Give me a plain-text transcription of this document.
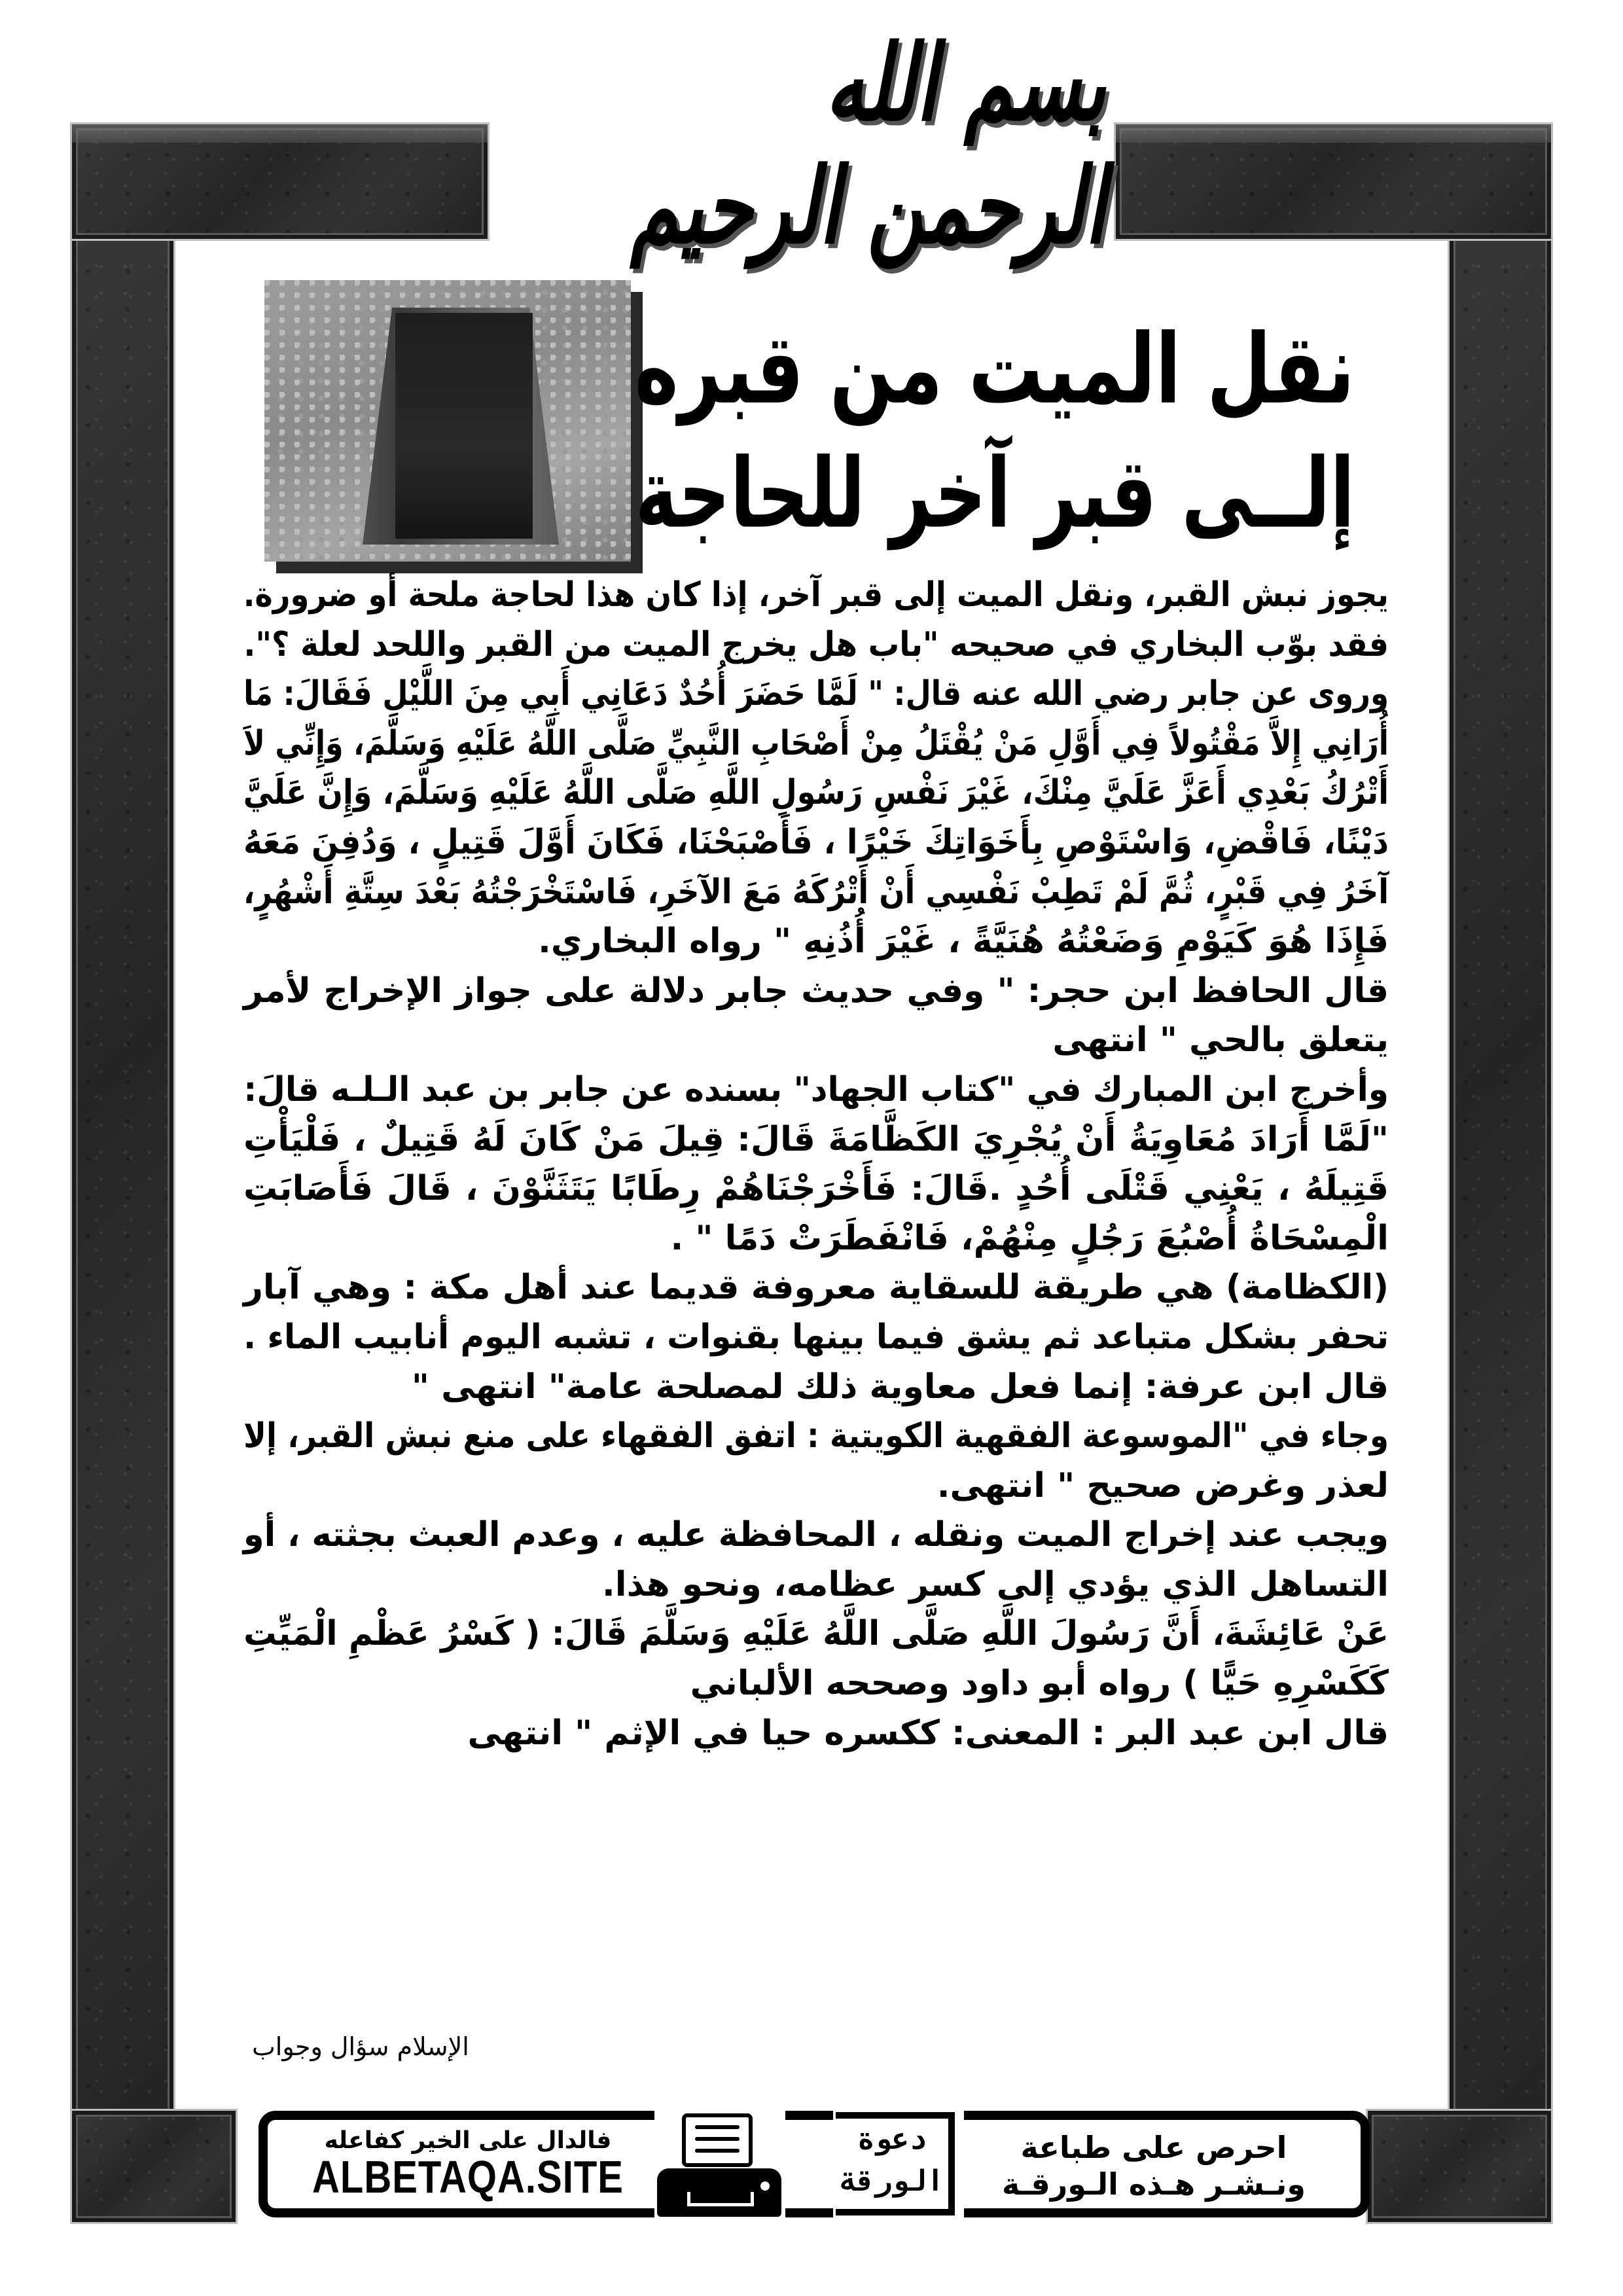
بسم الله الرحمن الرحيم
نقل الميت من قبره
إلــى قبر آخر للحاجة
يجوز نبش القبر، ونقل الميت إلى قبر آخر، إذا كان هذا لحاجة ملحة أو ضرورة.
فقد بوّب البخاري في صحيحه "باب هل يخرج الميت من القبر واللحد لعلة ؟".
وروى عن جابر رضي الله عنه قال: " لَمَّا حَضَرَ أُحُدٌ دَعَانِي أَبِي مِنَ اللَّيْلِ فَقَالَ: مَا
أُرَانِي إِلاَّ مَقْتُولاً فِي أَوَّلِ مَنْ يُقْتَلُ مِنْ أَصْحَابِ النَّبِيِّ صَلَّى اللَّهُ عَلَيْهِ وَسَلَّمَ، وَإِنِّي لاَ
أَتْرُكُ بَعْدِي أَعَزَّ عَلَيَّ مِنْكَ، غَيْرَ نَفْسِ رَسُولِ اللَّهِ صَلَّى اللَّهُ عَلَيْهِ وَسَلَّمَ، وَإِنَّ عَلَيَّ
دَيْنًا، فَاقْضِ، وَاسْتَوْصِ بِأَخَوَاتِكَ خَيْرًا ، فَأَصْبَحْنَا، فَكَانَ أَوَّلَ قَتِيلٍ ، وَدُفِنَ مَعَهُ
آخَرُ فِي قَبْرٍ، ثُمَّ لَمْ تَطِبْ نَفْسِي أَنْ أَتْرُكَهُ مَعَ الآخَرِ، فَاسْتَخْرَجْتُهُ بَعْدَ سِتَّةِ أَشْهُرٍ،
فَإِذَا هُوَ كَيَوْمِ وَضَعْتُهُ هُنَيَّةً ، غَيْرَ أُذُنِهِ " رواه البخاري.
قال الحافظ ابن حجر: " وفي حديث جابر دلالة على جواز الإخراج لأمر
يتعلق بالحي " انتهى
وأخرج ابن المبارك في "كتاب الجهاد" بسنده عن جابر بن عبد الـلـه قالَ:
"لَمَّا أَرَادَ مُعَاوِيَةُ أَنْ يُجْرِيَ الكَظَّامَةَ قَالَ: قِيلَ مَنْ كَانَ لَهُ قَتِيلٌ ، فَلْيَأْتِ
قَتِيلَهُ ، يَعْنِي قَتْلَى أُحُدٍ .قَالَ: فَأَخْرَجْنَاهُمْ رِطَابًا يَتَثَنَّوْنَ ، قَالَ فَأَصَابَتِ
الْمِسْحَاةُ أُصْبُعَ رَجُلٍ مِنْهُمْ، فَانْفَطَرَتْ دَمًا " .
(الكظامة) هي طريقة للسقاية معروفة قديما عند أهل مكة : وهي آبار
تحفر بشكل متباعد ثم يشق فيما بينها بقنوات ، تشبه اليوم أنابيب الماء .
قال ابن عرفة: إنما فعل معاوية ذلك لمصلحة عامة" انتهى "
وجاء في "الموسوعة الفقهية الكويتية : اتفق الفقهاء على منع نبش القبر، إلا
لعذر وغرض صحيح " انتهى.
ويجب عند إخراج الميت ونقله ، المحافظة عليه ، وعدم العبث بجثته ، أو
التساهل الذي يؤدي إلى كسر عظامه، ونحو هذا.
عَنْ عَائِشَةَ، أَنَّ رَسُولَ اللَّهِ صَلَّى اللَّهُ عَلَيْهِ وَسَلَّمَ قَالَ: ( كَسْرُ عَظْمِ الْمَيِّتِ
كَكَسْرِهِ حَيًّا ) رواه أبو داود وصححه الألباني
قال ابن عبد البر : المعنى: ككسره حيا في الإثم " انتهى
الإسلام سؤال وجواب
فالدال على الخير كفاعله
ALBETAQA.SITE
دعوة
الورقة
احرص على طباعة
ونـشـر هـذه الـورقـة
